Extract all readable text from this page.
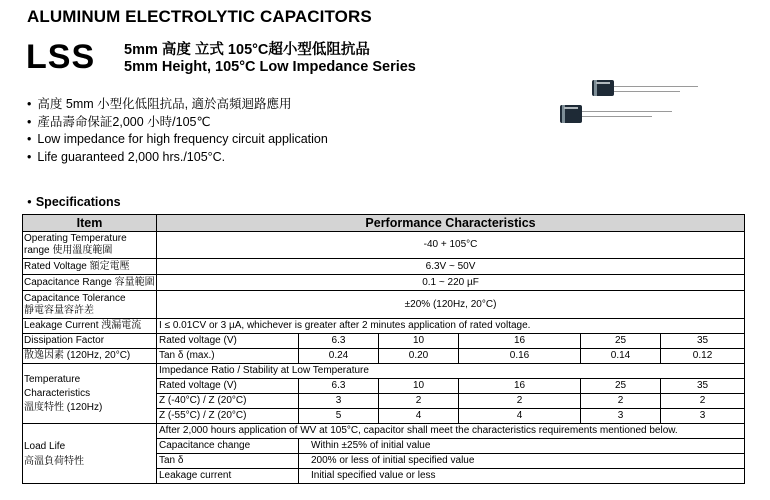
ALUMINUM ELECTROLYTIC CAPACITORS
LSS 5mm 高度 立式 105°C超小型低阻抗品
5mm Height, 105°C Low Impedance Series
• 高度 5mm 小型化低阻抗品, 適於高頻迴路應用
• 產品壽命保証2,000 小時/105℃
• Low impedance for high frequency circuit application
• Life guaranteed 2,000 hrs./105°C.
● Specifications
Item	Performance Characteristics					

Operating Temperature
range 使用溫度範圍	-40 + 105°C					
Rated Voltage 額定電壓	6.3V ~ 50V					
Capacitance Range 容量範圍	0.1 ~ 220 µF					

Capacitance Tolerance
靜電容量容許差	±20% (120Hz, 20°C)					
Leakage Current 洩漏電流	I ≤ 0.01CV or 3 µA, whichever is greater after 2 minutes application of rated voltage.					
Dissipation Factor	Rated voltage (V)	6.3	10	16	25	35
散逸因素 (120Hz, 20°C)	Tan δ (max.)	0.24	0.20	0.16	0.14	0.12

Temperature
Characteristics
溫度特性 (120Hz)	Impedance Ratio / Stability at Low Temperature					
	Rated voltage (V)	6.3	10	16	25	35
	Z (-40°C) / Z (20°C)	3	2	2	2	2
	Z (-55°C) / Z (20°C)	5	4	4	3	3

Load Life
高溫負荷特性	After 2,000 hours application of WV at 105°C, capacitor shall meet the characteristics requirements mentioned below.					
	Capacitance change	Within ±25% of initial value				
	Tan δ	200% or less of initial specified value				
	Leakage current	Initial specified value or less				
